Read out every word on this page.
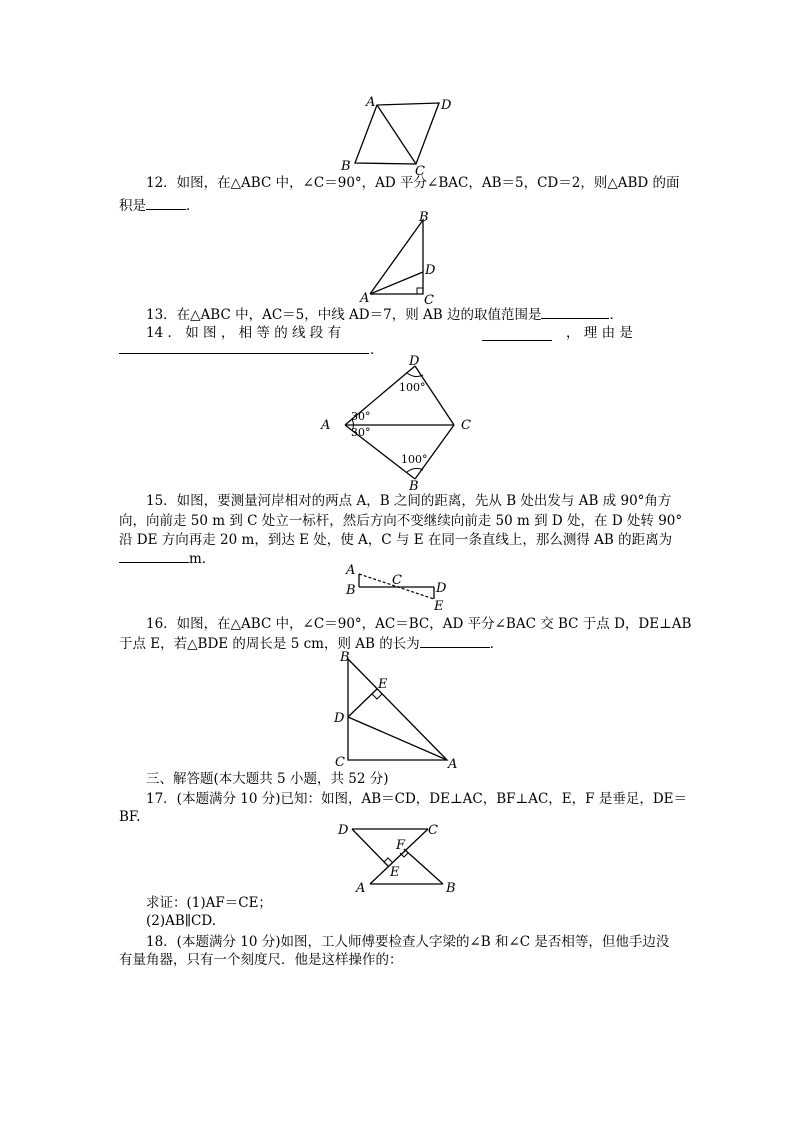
A	D
B	C
12．如图，在△ABC 中，∠C＝90°，AD 平分∠BAC，AB＝5，CD＝2，则△ABD 的面
积是	．
B
D
A	C
13．在△ABC 中，AC＝5，中线 AD＝7，则 AB 边的取值范围是	．
14 ． 如 图 ， 相 等 的 线 段 有	， 理 由 是
．
D
A	C
B
100°
30°
30°
100°
15．如图，要测量河岸相对的两点 A，B 之间的距离，先从 B 处出发与 AB 成 90°角方
向，向前走 50 m 到 C 处立一标杆，然后方向不变继续向前走 50 m 到 D 处，在 D 处转 90°
沿 DE 方向再走 20 m，到达 E 处，使 A，C 与 E 在同一条直线上，那么测得 AB 的距离为
m.
A
C
B	D
E
16．如图，在△ABC 中，∠C＝90°，AC＝BC，AD 平分∠BAC 交 BC 于点 D，DE⊥AB
于点 E，若△BDE 的周长是 5 cm，则 AB 的长为	．
B
E
D
C	A
三、解答题(本大题共 5 小题，共 52 分)
17．(本题满分 10 分)已知：如图，AB＝CD，DE⊥AC，BF⊥AC，E，F 是垂足，DE＝
BF.
D	C
F
E
A	B
求证：(1)AF＝CE；
(2)AB∥CD.
18．(本题满分 10 分)如图，工人师傅要检查人字梁的∠B 和∠C 是否相等，但他手边没
有量角器，只有一个刻度尺．他是这样操作的：
